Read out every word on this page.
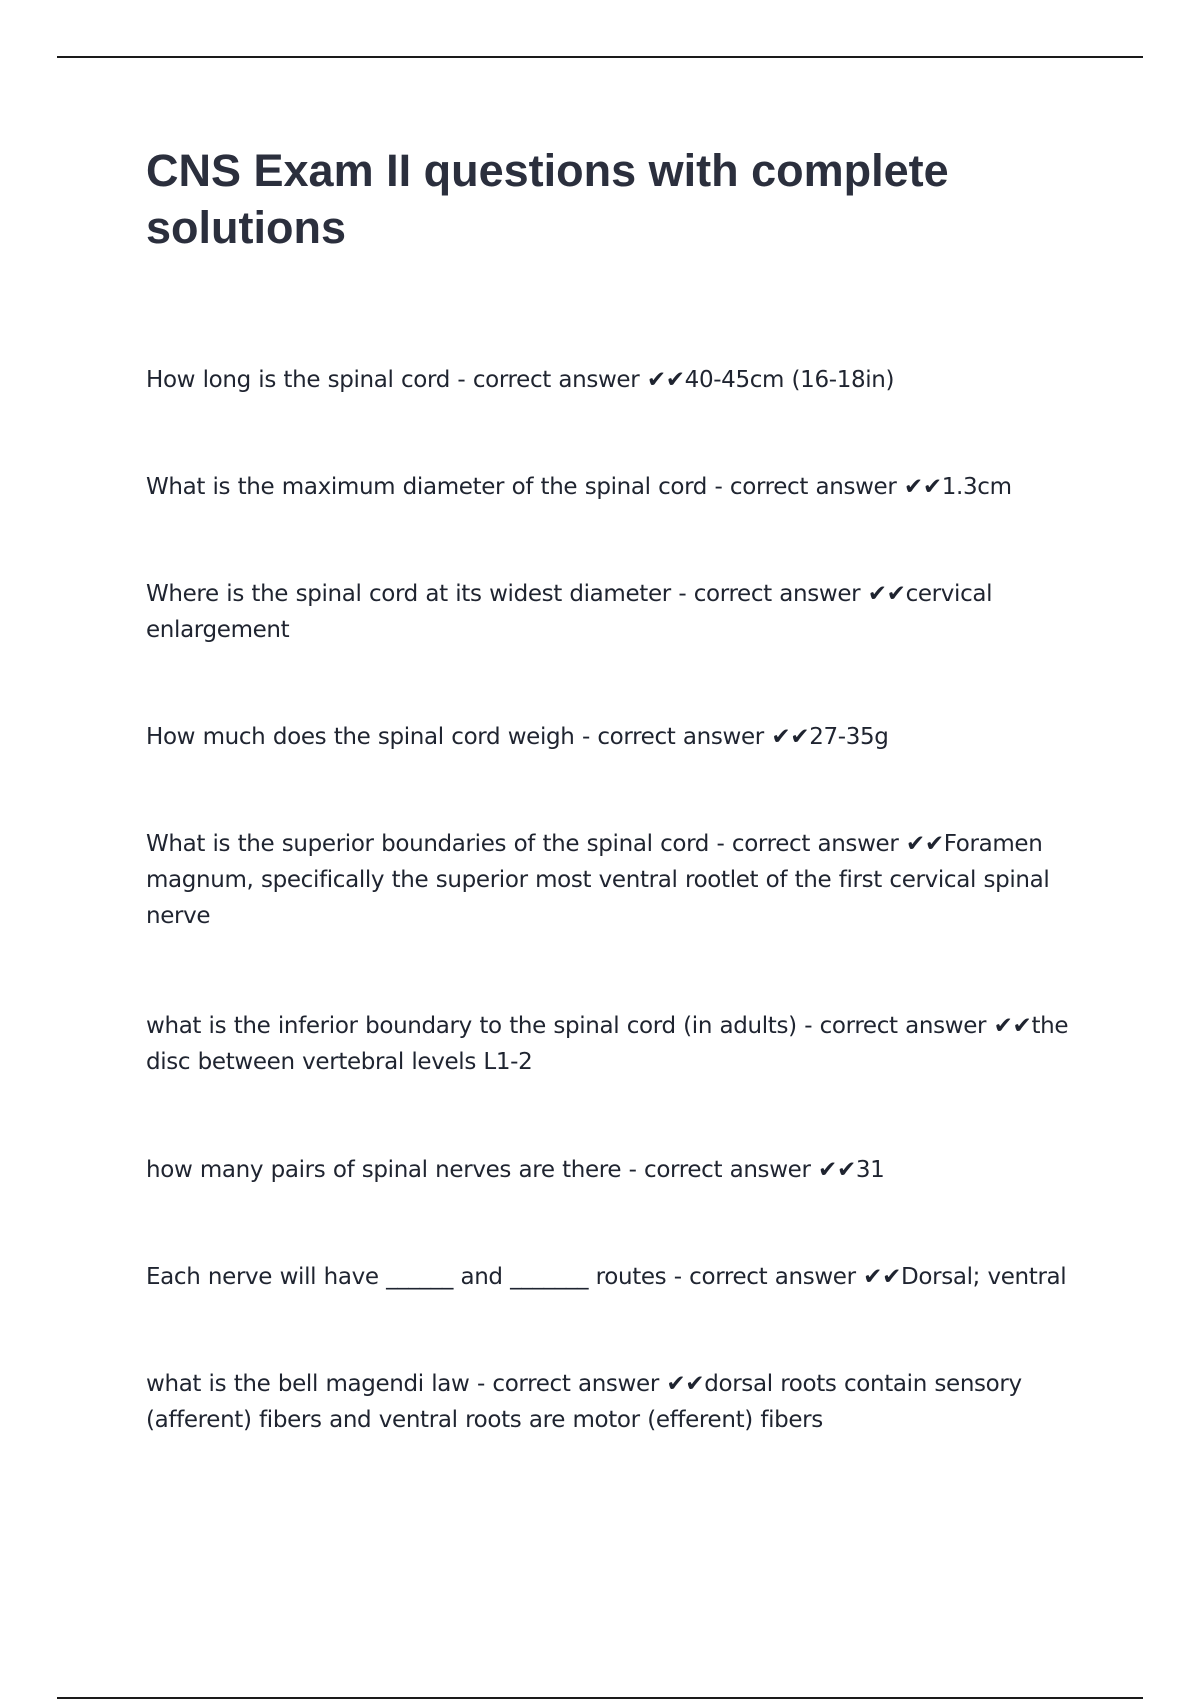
CNS Exam II questions with complete solutions
How long is the spinal cord - correct answer ✔✔40-45cm (16-18in)
What is the maximum diameter of the spinal cord - correct answer ✔✔1.3cm
Where is the spinal cord at its widest diameter - correct answer ✔✔cervical enlargement
How much does the spinal cord weigh - correct answer ✔✔27-35g
What is the superior boundaries of the spinal cord - correct answer ✔✔Foramen magnum, specifically the superior most ventral rootlet of the first cervical spinal nerve
what is the inferior boundary to the spinal cord (in adults) - correct answer ✔✔the disc between vertebral levels L1-2
how many pairs of spinal nerves are there - correct answer ✔✔31
Each nerve will have ______ and _______ routes - correct answer ✔✔Dorsal; ventral
what is the bell magendi law - correct answer ✔✔dorsal roots contain sensory (afferent) fibers and ventral roots are motor (efferent) fibers
